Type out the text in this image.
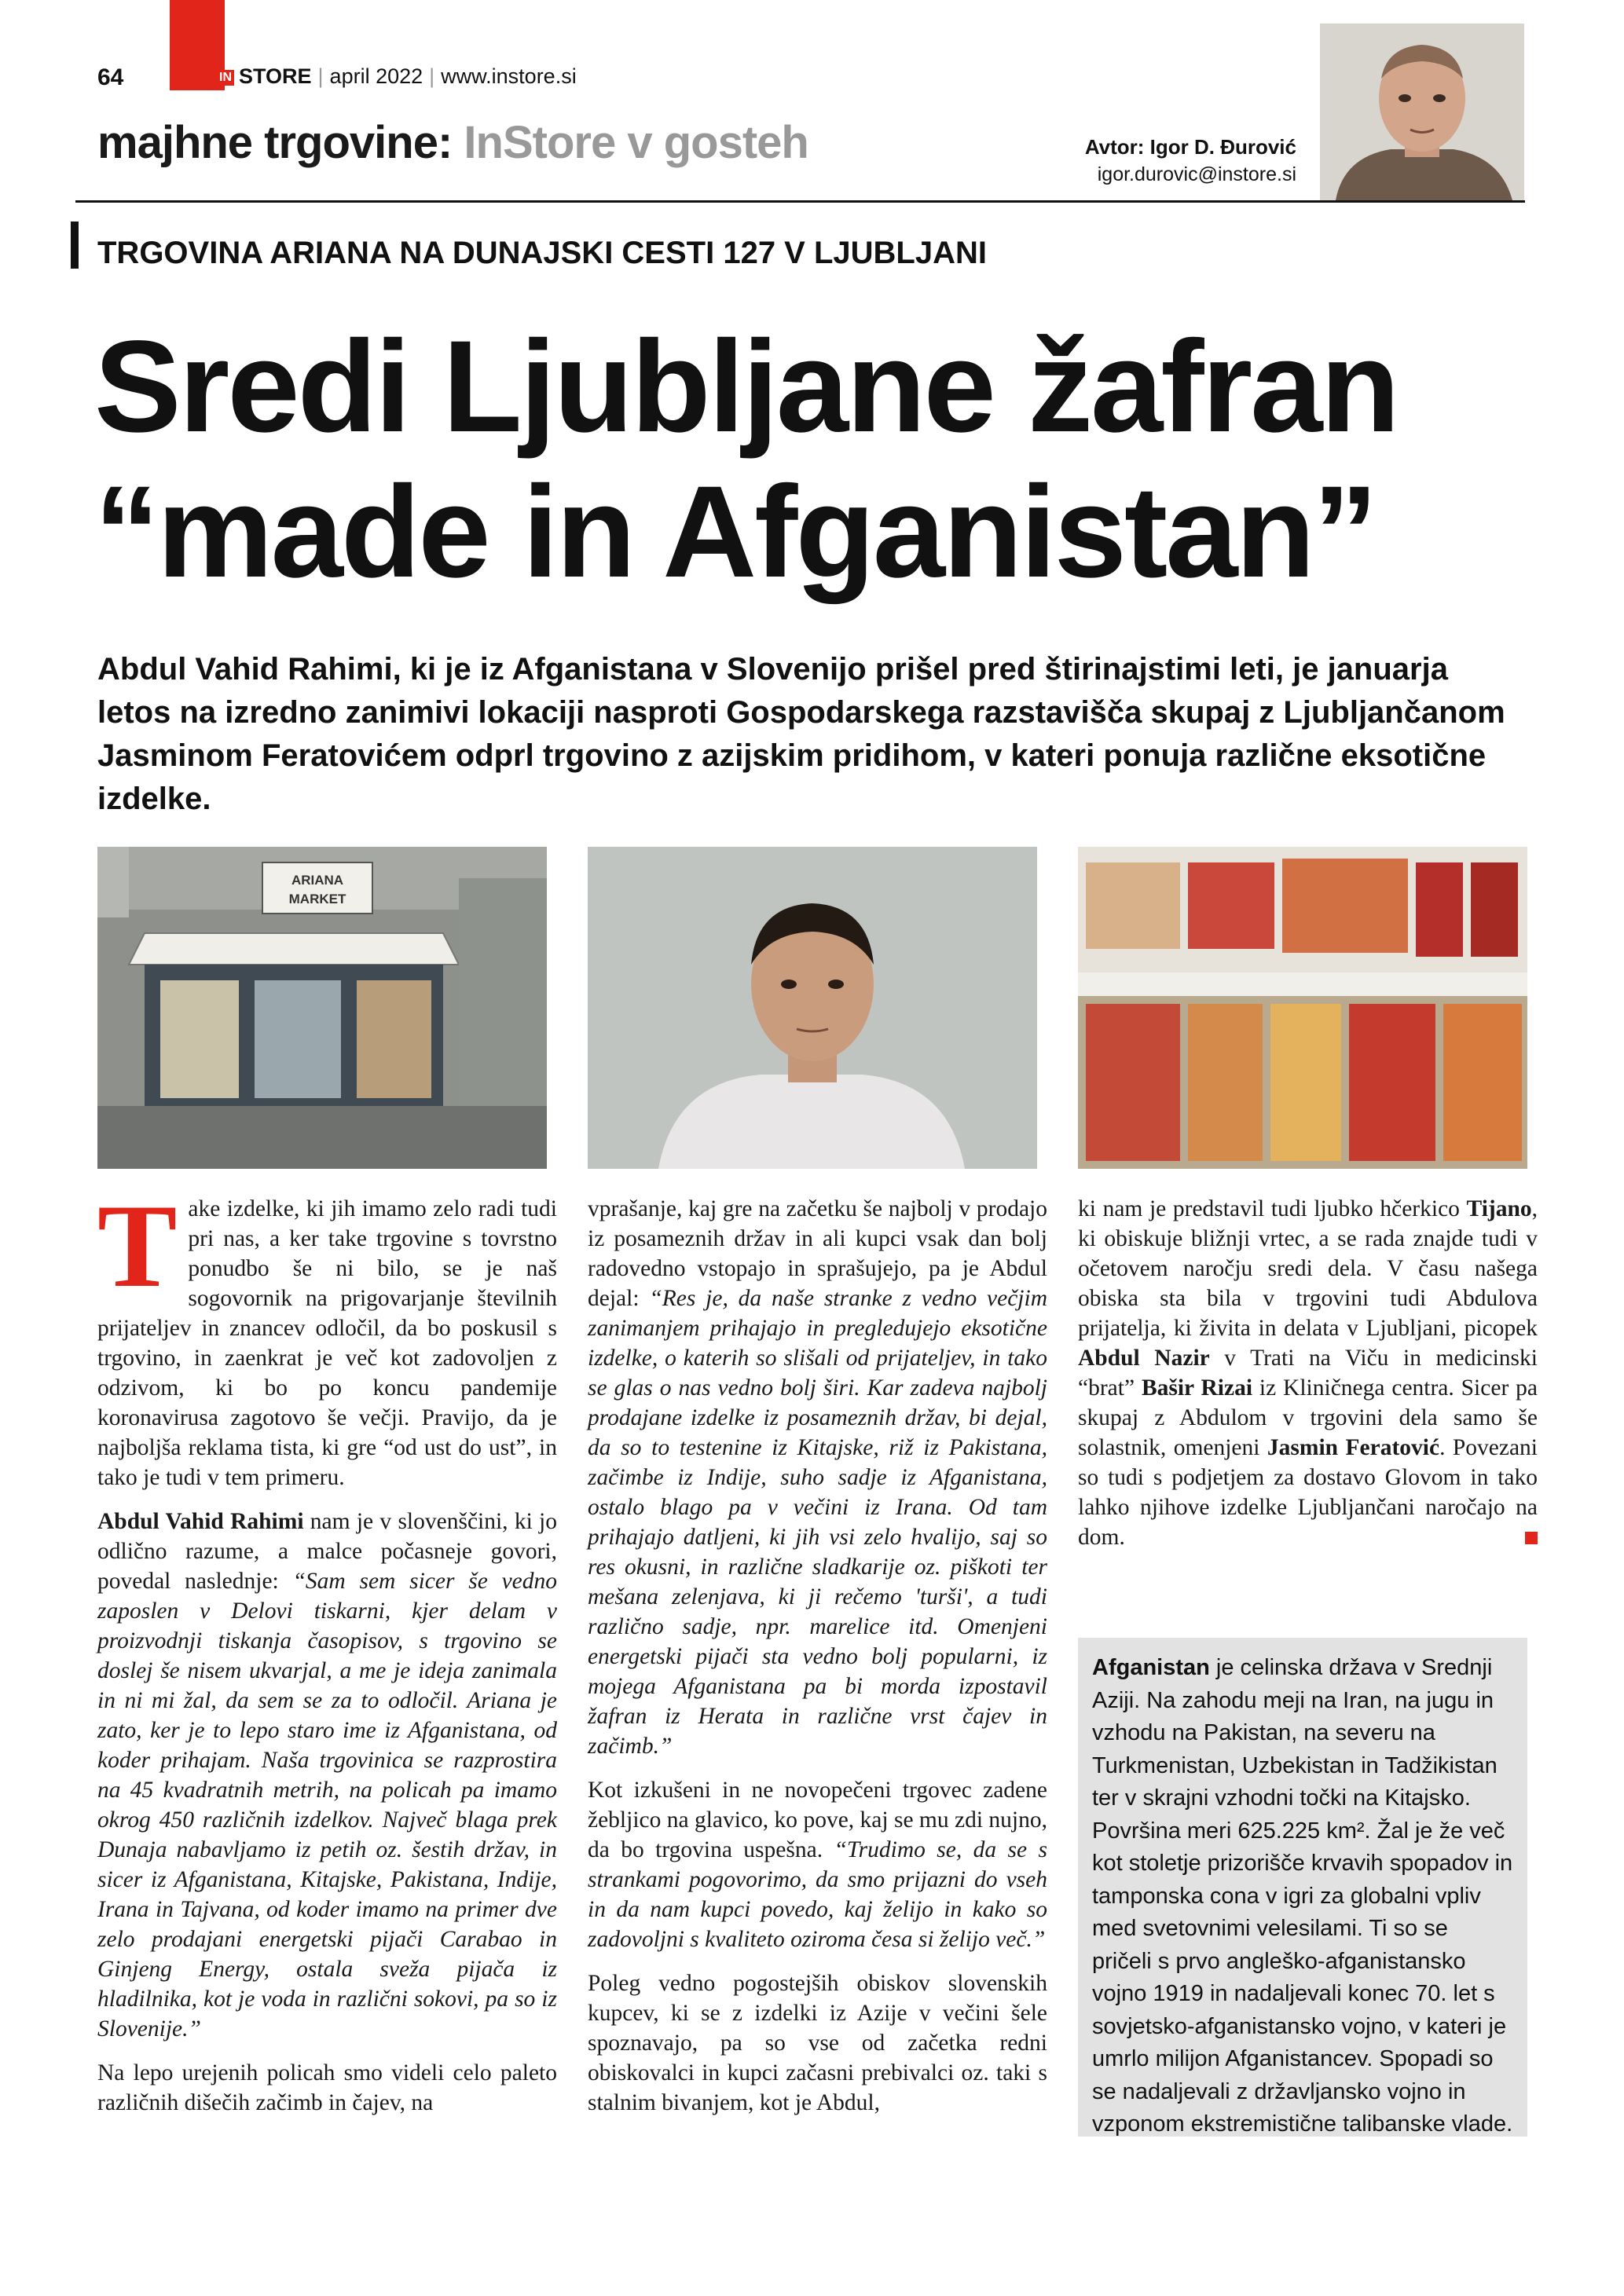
64	IN STORE | april 2022 | www.instore.si
majhne trgovine: InStore v gosteh	Avtor: Igor D. Đurović
igor.durovic@instore.si
TRGOVINA ARIANA NA DUNAJSKI CESTI 127 V LJUBLJANI
Sredi Ljubljane žafran
“made in Afganistan”
Abdul Vahid Rahimi, ki je iz Afganistana v Slovenijo prišel pred štirinajstimi leti, je januarja letos na izredno zanimivi lokaciji nasproti Gospodarskega razstavišča skupaj z Ljubljančanom Jasminom Feratovićem odprl trgovino z azijskim pridihom, v kateri ponuja različne eksotične izdelke.
ARIANA
MARKET

Take izdelke, ki jih imamo zelo radi tudi pri nas, a ker take trgovine s tovrstno ponudbo še ni bilo, se je naš sogovornik na prigovarjanje številnih prijateljev in znancev odločil, da bo poskusil s trgovino, in zaenkrat je več kot zadovoljen z odzivom, ki bo po koncu pandemije koronavirusa zagotovo še večji. Pravijo, da je najboljša reklama tista, ki gre “od ust do ust”, in tako je tudi v tem primeru.

Abdul Vahid Rahimi nam je v slovenščini, ki jo odlično razume, a malce počasneje govori, povedal naslednje: “Sam sem sicer še vedno zaposlen v Delovi tiskarni, kjer delam v proizvodnji tiskanja časopisov, s trgovino se doslej še nisem ukvarjal, a me je ideja zanimala in ni mi žal, da sem se za to odločil. Ariana je zato, ker je to lepo staro ime iz Afganistana, od koder prihajam. Naša trgovinica se razprostira na 45 kvadratnih metrih, na policah pa imamo okrog 450 različnih izdelkov. Največ blaga prek Dunaja nabavljamo iz petih oz. šestih držav, in sicer iz Afganistana, Kitajske, Pakistana, Indije, Irana in Tajvana, od koder imamo na primer dve zelo prodajani energetski pijači Carabao in Ginjeng Energy, ostala sveža pijača iz hladilnika, kot je voda in različni sokovi, pa so iz Slovenije.”

Na lepo urejenih policah smo videli celo paleto različnih dišečih začimb in čajev, na

vprašanje, kaj gre na začetku še najbolj v prodajo iz posameznih držav in ali kupci vsak dan bolj radovedno vstopajo in sprašujejo, pa je Abdul dejal: “Res je, da naše stranke z vedno večjim zanimanjem prihajajo in pregledujejo eksotične izdelke, o katerih so slišali od prijateljev, in tako se glas o nas vedno bolj širi. Kar zadeva najbolj prodajane izdelke iz posameznih držav, bi dejal, da so to testenine iz Kitajske, riž iz Pakistana, začimbe iz Indije, suho sadje iz Afganistana, ostalo blago pa v večini iz Irana. Od tam prihajajo datljeni, ki jih vsi zelo hvalijo, saj so res okusni, in različne sladkarije oz. piškoti ter mešana zelenjava, ki ji rečemo 'turši', a tudi različno sadje, npr. marelice itd. Omenjeni energetski pijači sta vedno bolj popularni, iz mojega Afganistana pa bi morda izpostavil žafran iz Herata in različne vrst čajev in začimb.”

Kot izkušeni in ne novopečeni trgovec zadene žebljico na glavico, ko pove, kaj se mu zdi nujno, da bo trgovina uspešna. “Trudimo se, da se s strankami pogovorimo, da smo prijazni do vseh in da nam kupci povedo, kaj želijo in kako so zadovoljni s kvaliteto oziroma česa si želijo več.”

Poleg vedno pogostejših obiskov slovenskih kupcev, ki se z izdelki iz Azije v večini šele spoznavajo, pa so vse od začetka redni obiskovalci in kupci začasni prebivalci oz. taki s stalnim bivanjem, kot je Abdul,

ki nam je predstavil tudi ljubko hčerkico Tijano, ki obiskuje bližnji vrtec, a se rada znajde tudi v očetovem naročju sredi dela. V času našega obiska sta bila v trgovini tudi Abdulova prijatelja, ki živita in delata v Ljubljani, picopek Abdul Nazir v Trati na Viču in medicinski “brat” Bašir Rizai iz Kliničnega centra. Sicer pa skupaj z Abdulom v trgovini dela samo še solastnik, omenjeni Jasmin Feratović. Povezani so tudi s podjetjem za dostavo Glovom in tako lahko njihove izdelke Ljubljančani naročajo na dom.

Afganistan je celinska država v Srednji Aziji. Na zahodu meji na Iran, na jugu in vzhodu na Pakistan, na severu na Turkmenistan, Uzbekistan in Tadžikistan ter v skrajni vzhodni točki na Kitajsko. Površina meri 625.225 km². Žal je že več kot stoletje prizorišče krvavih spopadov in tamponska cona v igri za globalni vpliv med svetovnimi velesilami. Ti so se pričeli s prvo angleško-afganistansko vojno 1919 in nadaljevali konec 70. let s sovjetsko-afganistansko vojno, v kateri je umrlo milijon Afganistancev. Spopadi so se nadaljevali z državljansko vojno in vzponom ekstremistične talibanske vlade.
